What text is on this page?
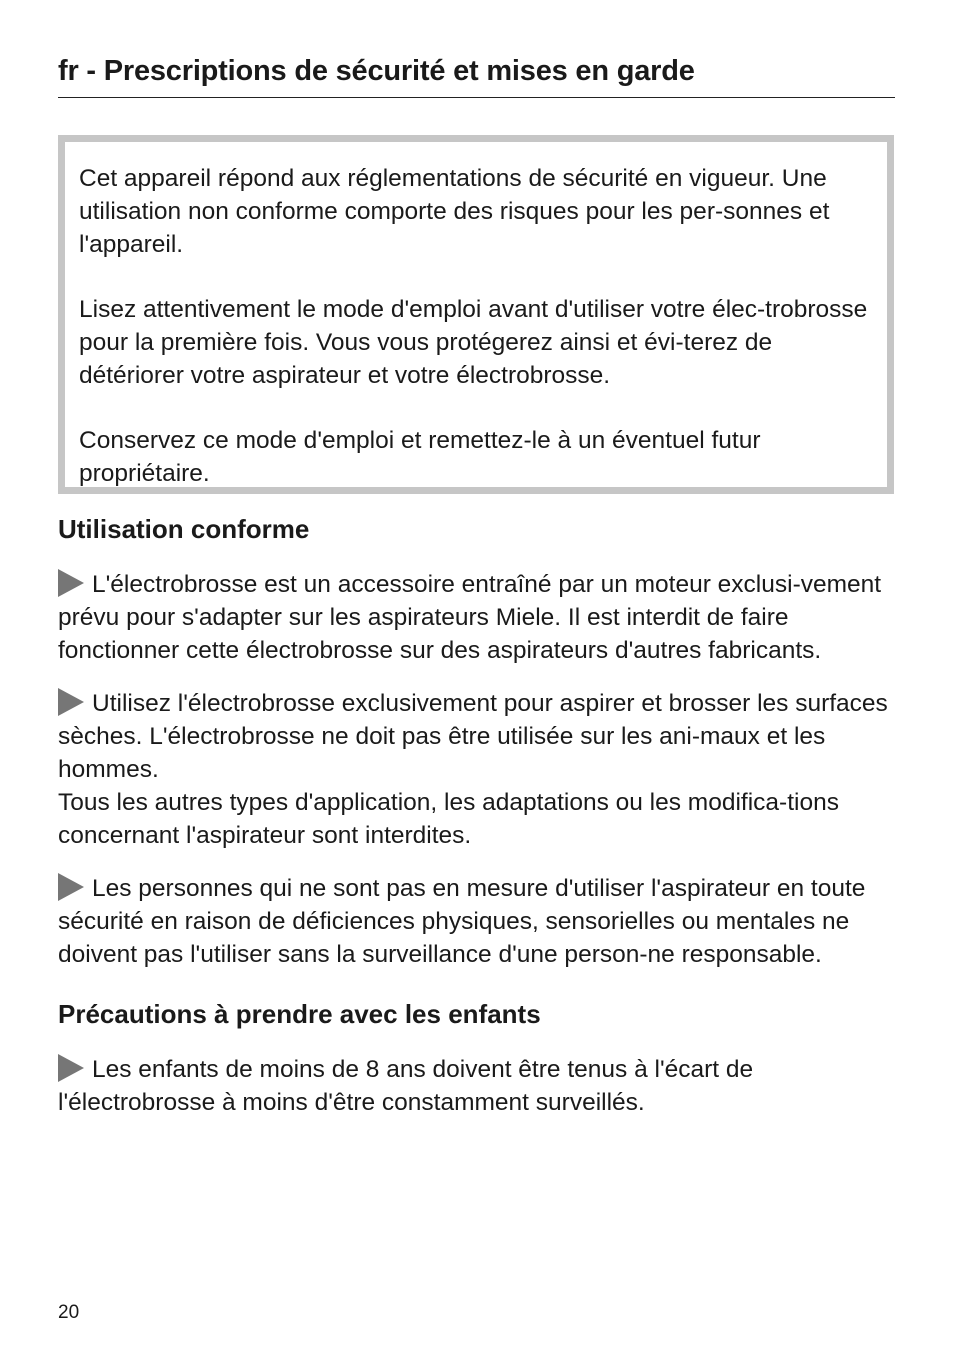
fr - Prescriptions de sécurité et mises en garde

Cet appareil répond aux réglementations de sécurité en vigueur. Une utilisation non conforme comporte des risques pour les per-sonnes et l'appareil.

Lisez attentivement le mode d'emploi avant d'utiliser votre élec-trobrosse pour la première fois. Vous vous protégerez ainsi et évi-terez de détériorer votre aspirateur et votre électrobrosse.

Conservez ce mode d'emploi et remettez-le à un éventuel futur propriétaire.

Utilisation conforme

L'électrobrosse est un accessoire entraîné par un moteur exclusi-vement prévu pour s'adapter sur les aspirateurs Miele. Il est interdit de faire fonctionner cette électrobrosse sur des aspirateurs d'autres fabricants.

Utilisez l'électrobrosse exclusivement pour aspirer et brosser les surfaces sèches. L'électrobrosse ne doit pas être utilisée sur les ani-maux et les hommes.

Tous les autres types d'application, les adaptations ou les modifica-tions concernant l'aspirateur sont interdites.

Les personnes qui ne sont pas en mesure d'utiliser l'aspirateur en toute sécurité en raison de déficiences physiques, sensorielles ou mentales ne doivent pas l'utiliser sans la surveillance d'une person-ne responsable.

Précautions à prendre avec les enfants

Les enfants de moins de 8 ans doivent être tenus à l'écart de l'électrobrosse à moins d'être constamment surveillés.

20
